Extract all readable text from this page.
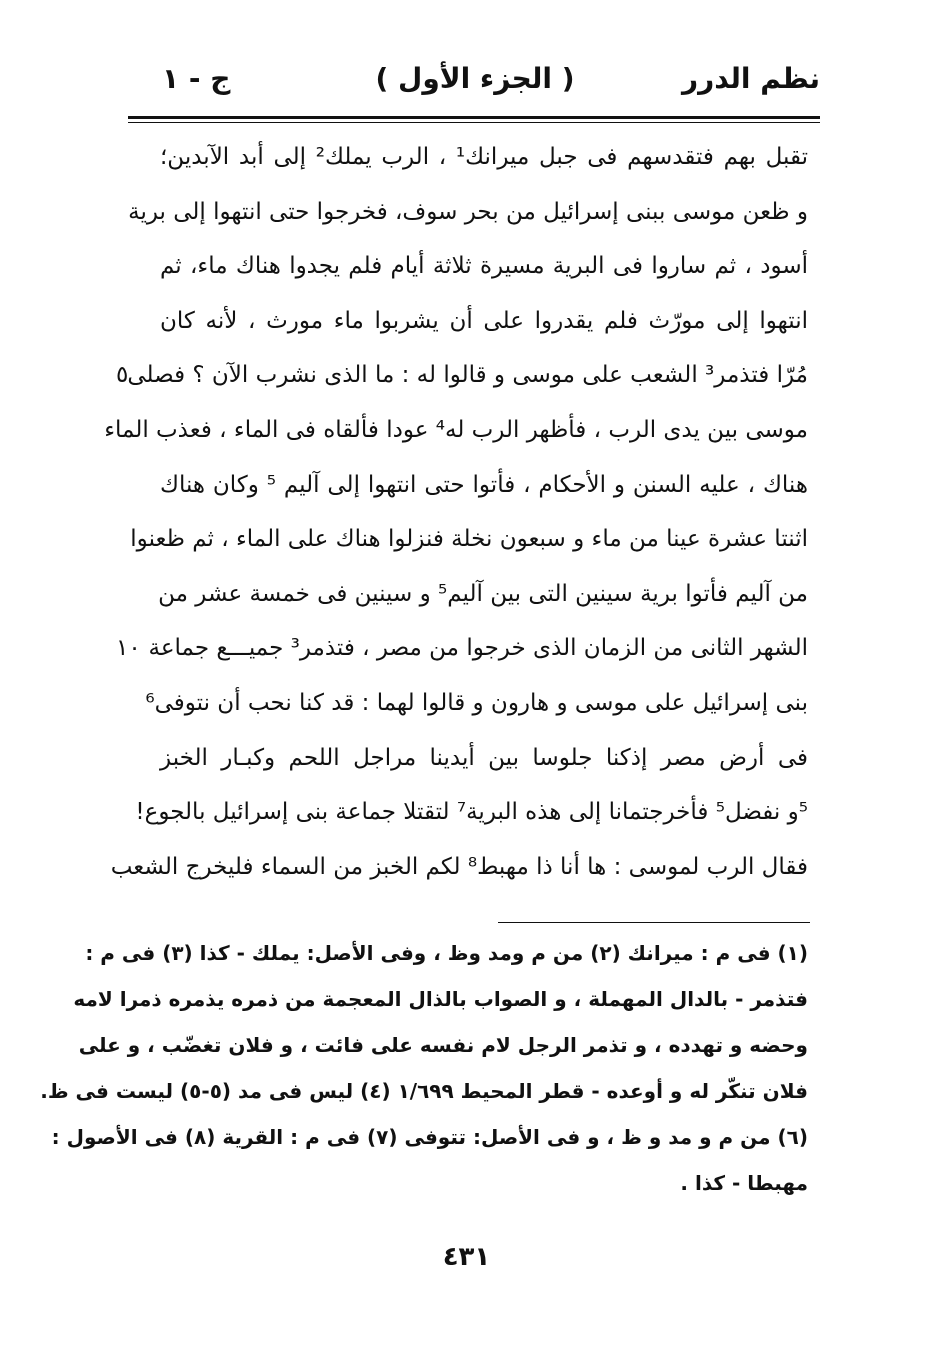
نظم الدرر
( الجزء الأول )
ج - ١
تقبل بهم فتقدسهم فى جبل ميرانك¹ ، الرب يملك² إلى أبد الآبدين؛
و ظعن موسى ببنى إسرائيل من بحر سوف، فخرجوا حتى انتهوا إلى برية
أسود ، ثم ساروا فى البرية مسيرة ثلاثة أيام فلم يجدوا هناك ماء، ثم
انتهوا إلى مورّث فلم يقدروا على أن يشربوا ماء مورث ، لأنه كان
مُرّا فتذمر³ الشعب على موسى و قالوا له : ما الذى نشرب الآن ؟ فصلى
٥
موسى بين يدى الرب ، فأظهر الرب له⁴ عودا فألقاه فى الماء ، فعذب الماء
هناك ، عليه السنن و الأحكام ، فأتوا حتى انتهوا إلى آليم ⁵ وكان هناك
اثنتا عشرة عينا من ماء و سبعون نخلة فنزلوا هناك على الماء ، ثم ظعنوا
من آليم فأتوا برية سينين التى بين آليم⁵ و سينين فى خمسة عشر من
الشهر الثانى من الزمان الذى خرجوا من مصر ، فتذمر³ جميـــع جماعة
١٠
بنى إسرائيل على موسى و هارون و قالوا لهما : قد كنا نحب أن نتوفى⁶
فى أرض مصر إذكنا جلوسا بين أيدينا مراجل اللحم وكبـار الخبز
⁵و نفضل⁵ فأخرجتمانا إلى هذه البرية⁷ لتقتلا جماعة بنى إسرائيل بالجوع!
فقال الرب لموسى : ها أنا ذا مهبط⁸ لكم الخبز من السماء فليخرج الشعب
(١) فى م : ميرانك (٢) من م ومد وظ ، وفى الأصل: يملك - كذا (٣) فى م :
فتذمر - بالدال المهملة ، و الصواب بالذال المعجمة من ذمره يذمره ذمرا لامه
وحضه و تهدده ، و تذمر الرجل لام نفسه على فائت ، و فلان تغضّب ، و على
فلان تنكّر له و أوعده - قطر المحيط ١/٦٩٩ (٤) ليس فى مد (٥-٥) ليست فى ظ.
(٦) من م و مد و ظ ، و فى الأصل: تتوفى (٧) فى م : القرية (٨) فى الأصول :
مهبطا - كذا .
٤٣١
